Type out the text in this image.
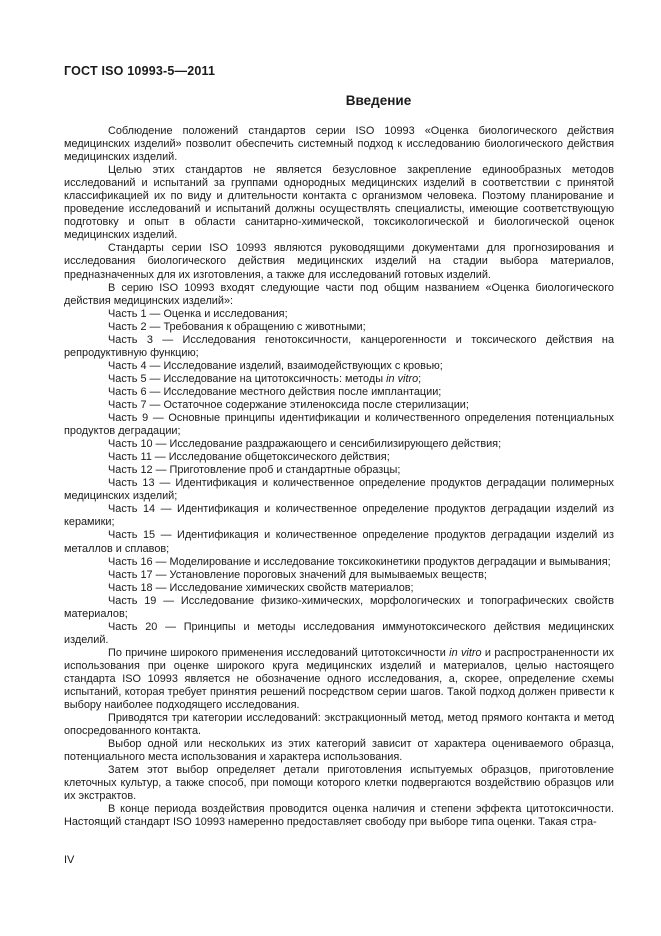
ГОСТ ISO 10993-5—2011
Введение

Соблюдение положений стандартов серии ISO 10993 «Оценка биологического действия медицинских изделий» позволит обеспечить системный подход к исследованию биологического действия медицинских изделий.

Целью этих стандартов не является безусловное закрепление единообразных методов исследований и испытаний за группами однородных медицинских изделий в соответствии с принятой классификацией их по виду и длительности контакта с организмом человека. Поэтому планирование и проведение исследований и испытаний должны осуществлять специалисты, имеющие соответствующую подготовку и опыт в области санитарно-химической, токсикологической и биологической оценок медицинских изделий.

Стандарты серии ISO 10993 являются руководящими документами для прогнозирования и исследования биологического действия медицинских изделий на стадии выбора материалов, предназначенных для их изготовления, а также для исследований готовых изделий.

В серию ISO 10993 входят следующие части под общим названием «Оценка биологического действия медицинских изделий»:

Часть 1 — Оценка и исследования;

Часть 2 — Требования к обращению с животными;

Часть 3 — Исследования генотоксичности, канцерогенности и токсического действия на репродуктивную функцию;

Часть 4 — Исследование изделий, взаимодействующих с кровью;

Часть 5 — Исследование на цитотоксичность: методы in vitro;

Часть 6 — Исследование местного действия после имплантации;

Часть 7 — Остаточное содержание этиленоксида после стерилизации;

Часть 9 — Основные принципы идентификации и количественного определения потенциальных продуктов деградации;

Часть 10 — Исследование раздражающего и сенсибилизирующего действия;

Часть 11 — Исследование общетоксического действия;

Часть 12 — Приготовление проб и стандартные образцы;

Часть 13 — Идентификация и количественное определение продуктов деградации полимерных медицинских изделий;

Часть 14 — Идентификация и количественное определение продуктов деградации изделий из керамики;

Часть 15 — Идентификация и количественное определение продуктов деградации изделий из металлов и сплавов;

Часть 16 — Моделирование и исследование токсикокинетики продуктов деградации и вымывания;

Часть 17 — Установление пороговых значений для вымываемых веществ;

Часть 18 — Исследование химических свойств материалов;

Часть 19 — Исследование физико-химических, морфологических и топографических свойств материалов;

Часть 20 — Принципы и методы исследования иммунотоксического действия медицинских изделий.

По причине широкого применения исследований цитотоксичности in vitro и распространенности их использования при оценке широкого круга медицинских изделий и материалов, целью настоящего стандарта ISO 10993 является не обозначение одного исследования, а, скорее, определение схемы испытаний, которая требует принятия решений посредством серии шагов. Такой подход должен привести к выбору наиболее подходящего исследования.

Приводятся три категории исследований: экстракционный метод, метод прямого контакта и метод опосредованного контакта.

Выбор одной или нескольких из этих категорий зависит от характера оцениваемого образца, потенциального места использования и характера использования.

Затем этот выбор определяет детали приготовления испытуемых образцов, приготовление клеточных культур, а также способ, при помощи которого клетки подвергаются воздействию образцов или их экстрактов.

В конце периода воздействия проводится оценка наличия и степени эффекта цитотоксичности. Настоящий стандарт ISO 10993 намеренно предоставляет свободу при выборе типа оценки. Такая стра-

IV
